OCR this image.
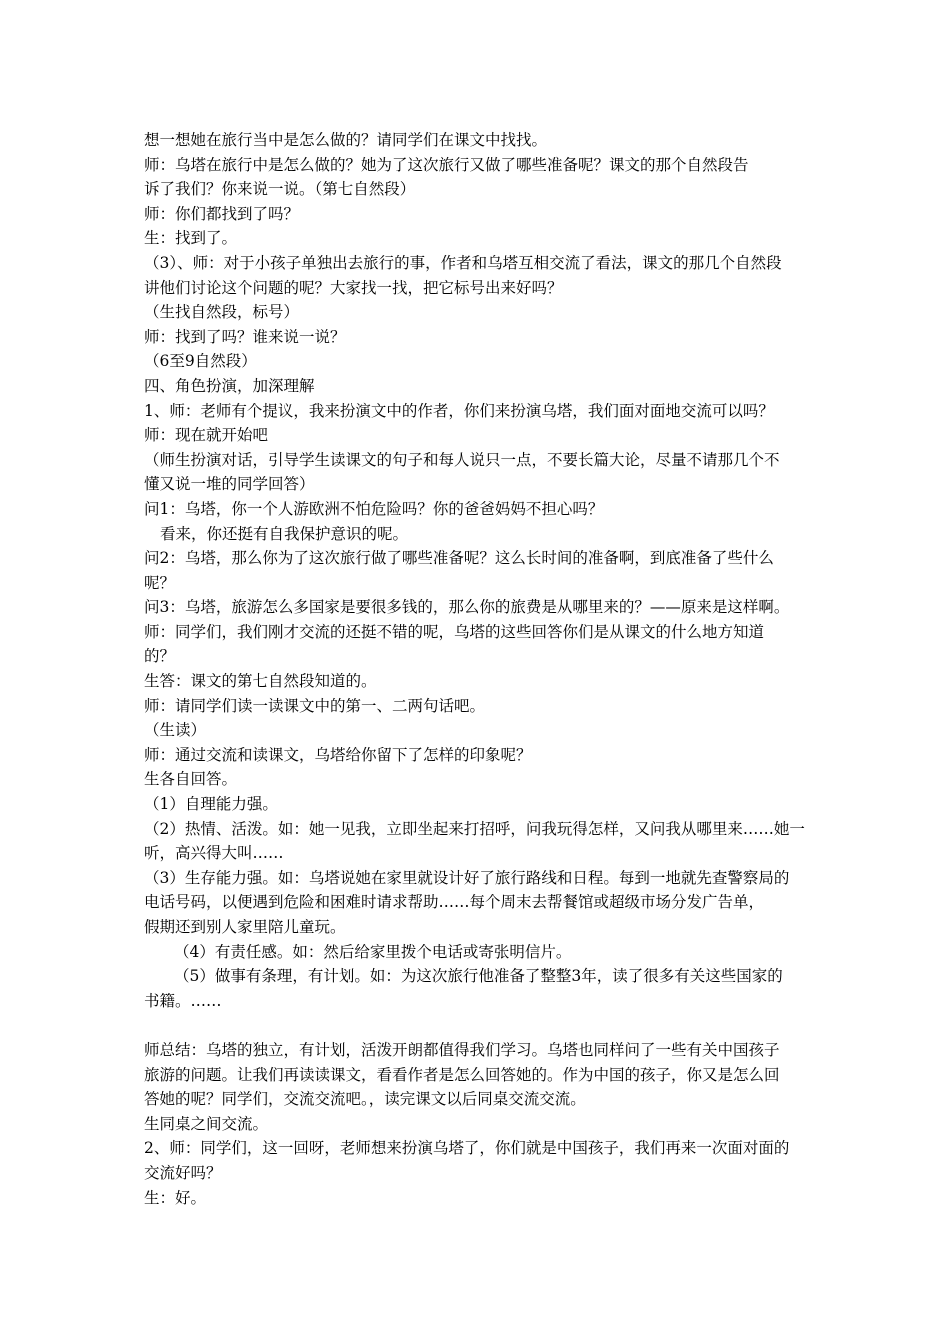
想一想她在旅行当中是怎么做的？请同学们在课文中找找。
师：乌塔在旅行中是怎么做的？她为了这次旅行又做了哪些准备呢？课文的那个自然段告
诉了我们？你来说一说。（第七自然段）
师：你们都找到了吗？
生：找到了。
（3）、师：对于小孩子单独出去旅行的事，作者和乌塔互相交流了看法，课文的那几个自然段
讲他们讨论这个问题的呢？大家找一找，把它标号出来好吗？
（生找自然段，标号）
师：找到了吗？谁来说一说？
（6至9自然段）
四、角色扮演，加深理解
1、师：老师有个提议，我来扮演文中的作者，你们来扮演乌塔，我们面对面地交流可以吗？
师：现在就开始吧
（师生扮演对话，引导学生读课文的句子和每人说只一点，不要长篇大论，尽量不请那几个不
懂又说一堆的同学回答）
问1：乌塔，你一个人游欧洲不怕危险吗？你的爸爸妈妈不担心吗？
看来，你还挺有自我保护意识的呢。
问2：乌塔，那么你为了这次旅行做了哪些准备呢？这么长时间的准备啊，到底准备了些什么
呢？
问3：乌塔，旅游怎么多国家是要很多钱的，那么你的旅费是从哪里来的？——原来是这样啊。
师：同学们，我们刚才交流的还挺不错的呢，乌塔的这些回答你们是从课文的什么地方知道
的？
生答：课文的第七自然段知道的。
师：请同学们读一读课文中的第一、二两句话吧。
（生读）
师：通过交流和读课文，乌塔给你留下了怎样的印象呢？
生各自回答。
（1）自理能力强。
（2）热情、活泼。如：她一见我，立即坐起来打招呼，问我玩得怎样，又问我从哪里来……她一
听，高兴得大叫……
（3）生存能力强。如：乌塔说她在家里就设计好了旅行路线和日程。每到一地就先查警察局的
电话号码，以便遇到危险和困难时请求帮助……每个周末去帮餐馆或超级市场分发广告单，
假期还到别人家里陪儿童玩。
（4）有责任感。如：然后给家里拨个电话或寄张明信片。
（5）做事有条理，有计划。如：为这次旅行他准备了整整3年，读了很多有关这些国家的
书籍。……
师总结：乌塔的独立，有计划，活泼开朗都值得我们学习。乌塔也同样问了一些有关中国孩子
旅游的问题。让我们再读读课文，看看作者是怎么回答她的。作为中国的孩子，你又是怎么回
答她的呢？同学们，交流交流吧。，读完课文以后同桌交流交流。
生同桌之间交流。
2、师：同学们，这一回呀，老师想来扮演乌塔了，你们就是中国孩子，我们再来一次面对面的
交流好吗？
生：好。
